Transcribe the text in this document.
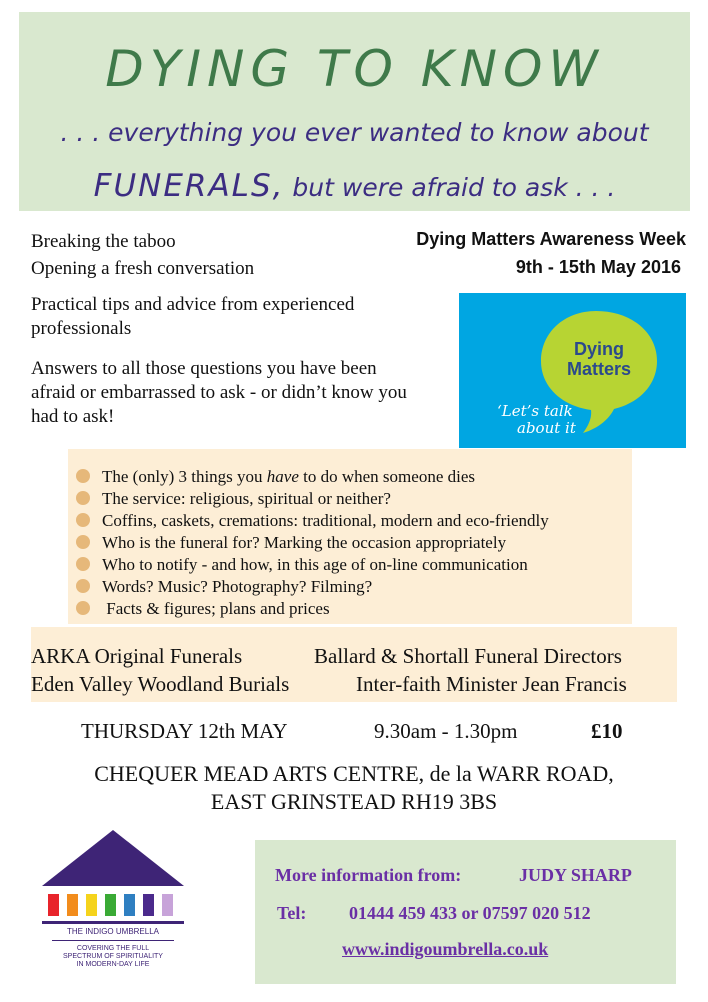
DYING TO KNOW
. . . everything you ever wanted to know about
FUNERALS, but were afraid to ask . . .
Breaking the taboo
Opening a fresh conversation
Practical tips and advice from experienced professionals
Answers to all those questions you have been afraid or embarrassed to ask - or didn’t know you had to ask!
Dying Matters Awareness Week
9th - 15th May 2016
Dying
Matters
‘Let’s talk
about it
The (only) 3 things you have to do when someone dies
The service: religious, spiritual or neither?
Coffins, caskets, cremations: traditional, modern and eco-friendly
Who is the funeral for? Marking the occasion appropriately
Who to notify - and how, in this age of on-line communication
Words? Music? Photography? Filming?
Facts & figures; plans and prices
ARKA Original Funerals	Ballard & Shortall Funeral Directors
Eden Valley Woodland Burials	Inter-faith Minister Jean Francis
THURSDAY 12th MAY	9.30am - 1.30pm	£10
CHEQUER MEAD ARTS CENTRE, de la WARR ROAD,
EAST GRINSTEAD RH19 3BS
THE INDIGO UMBRELLA
COVERING THE FULL
SPECTRUM OF SPIRITUALITY
IN MODERN-DAY LIFE
More information from:	JUDY SHARP
Tel: 01444 459 433 or 07597 020 512
www.indigoumbrella.co.uk
